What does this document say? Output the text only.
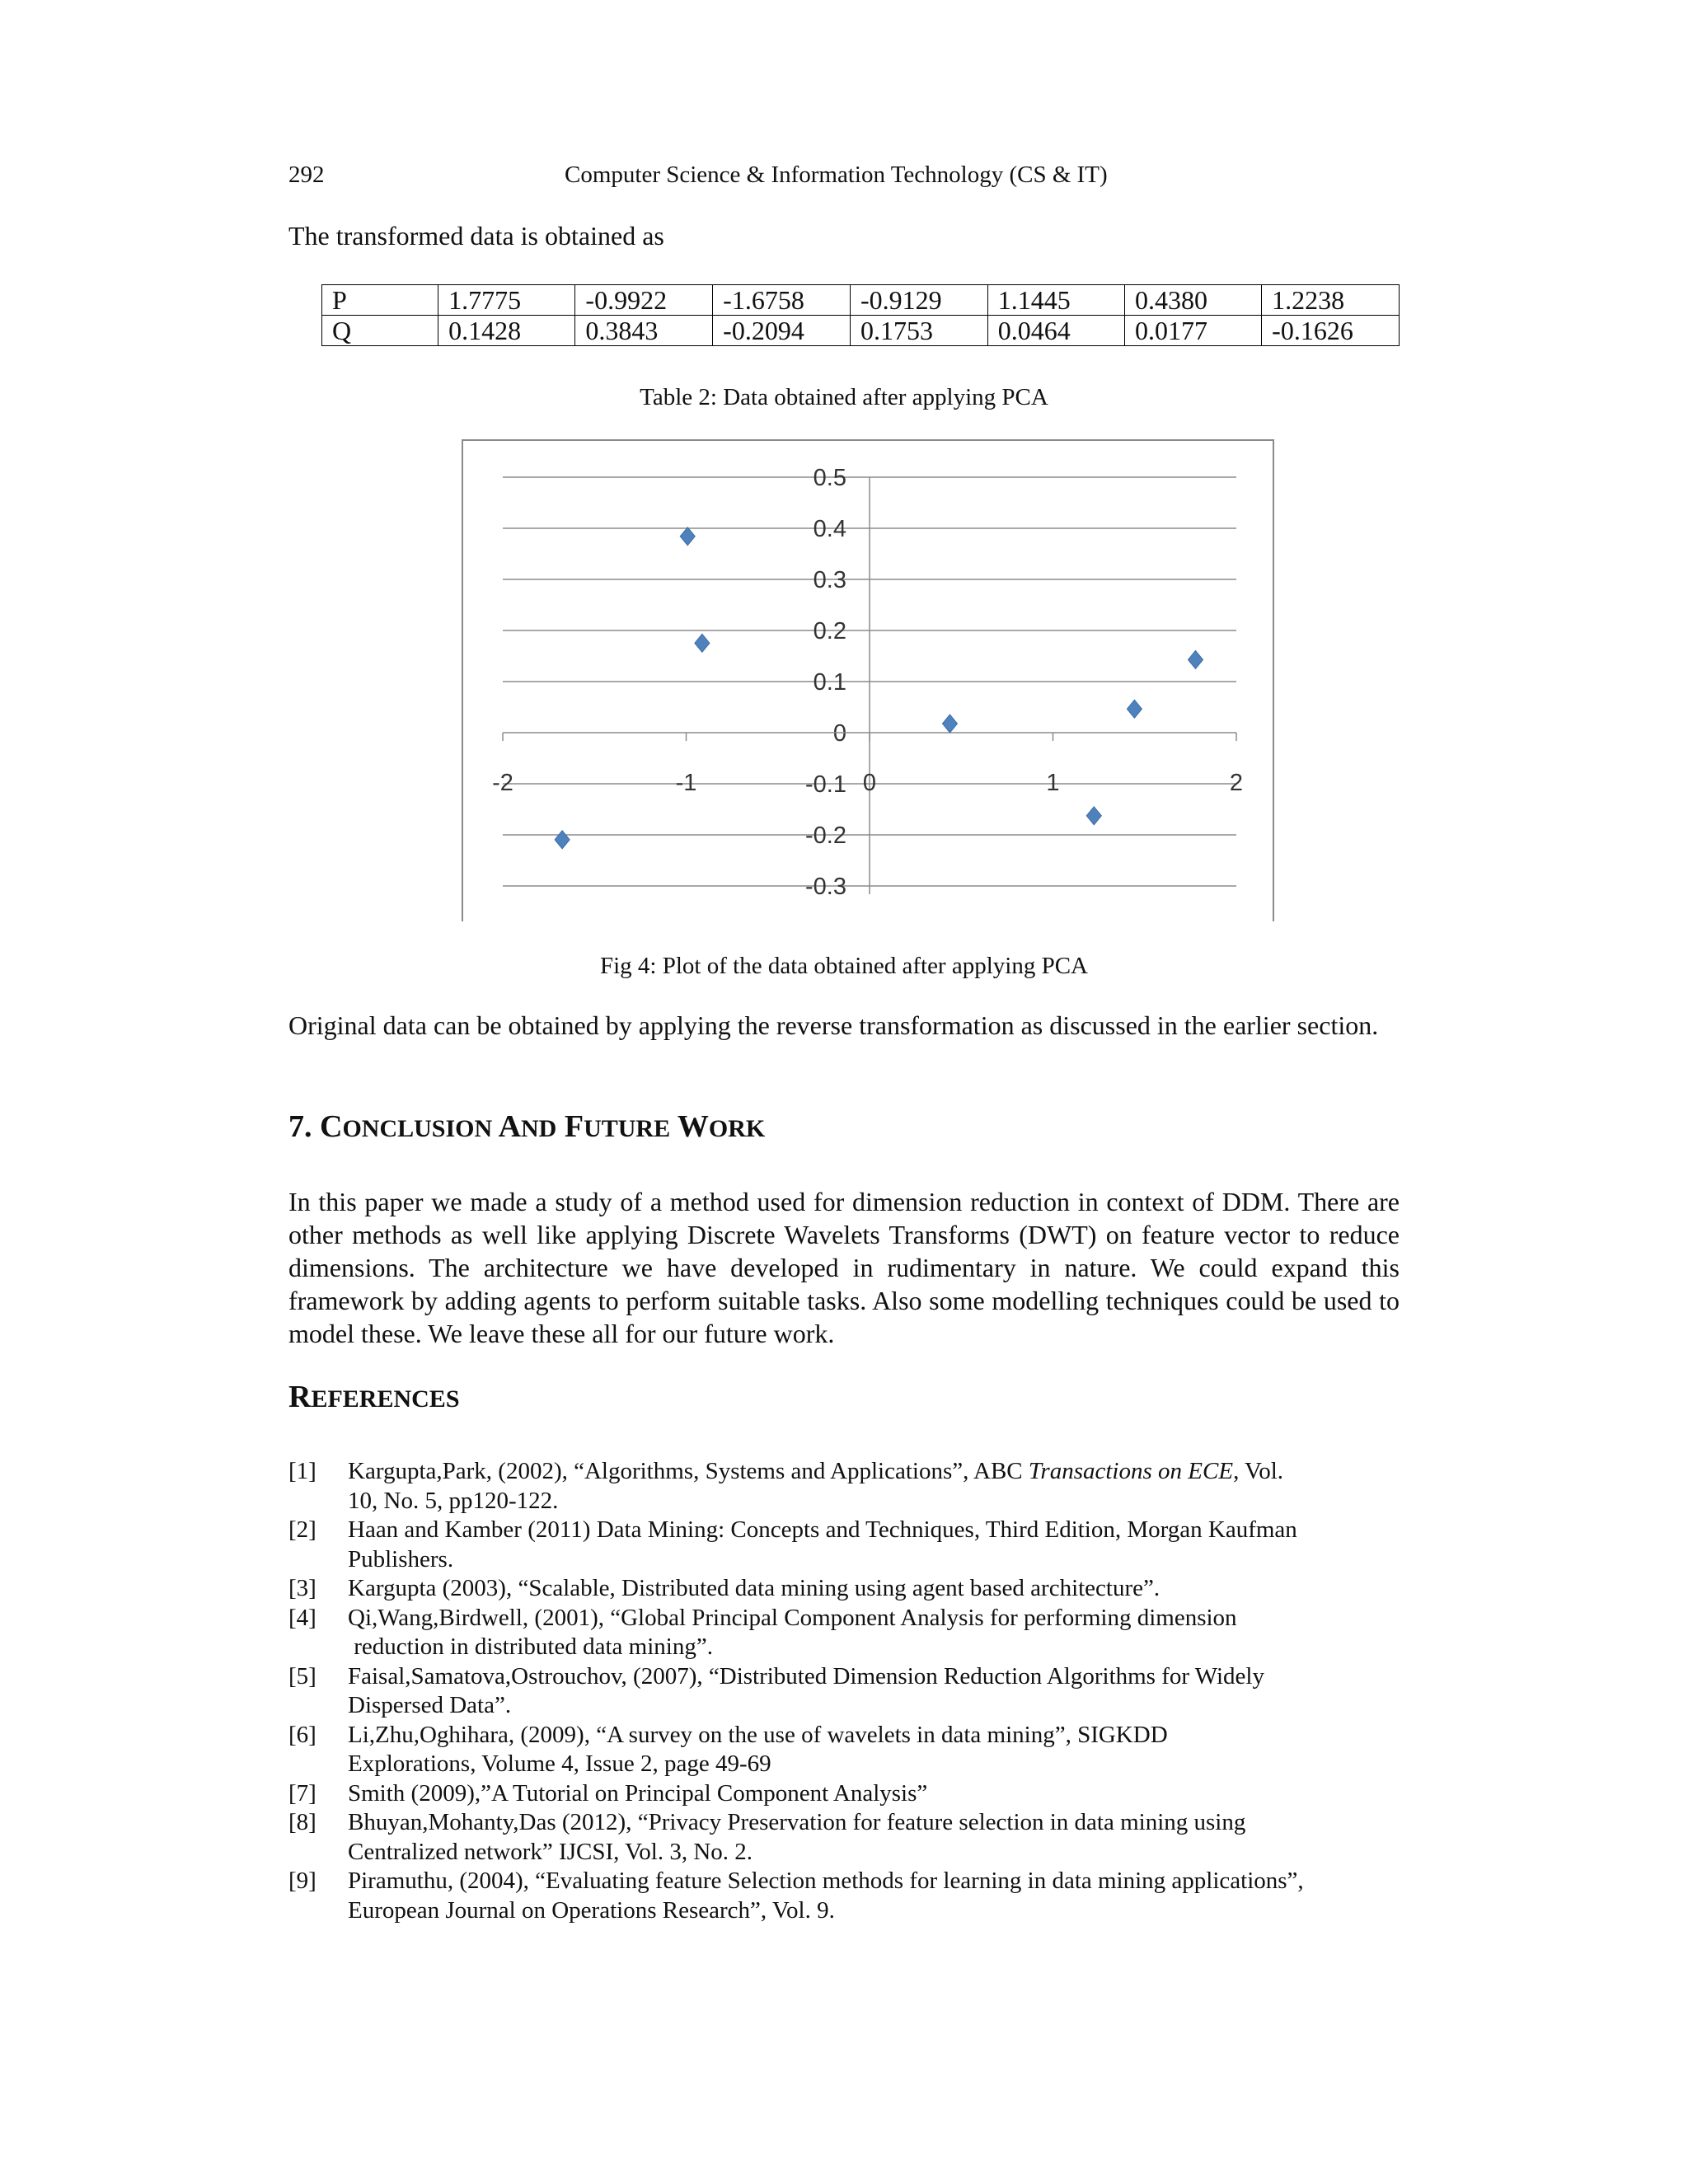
292	Computer Science & Information Technology (CS & IT)

The transformed data is obtained as

P	1.7775	-0.9922	-1.6758	-0.9129	1.1445	0.4380	1.2238
Q	0.1428	0.3843	-0.2094	0.1753	0.0464	0.0177	-0.1626
Table 2: Data obtained after applying PCA
0.5
0.4
0.3
0.2
0.1
0
-0.1
-0.2
-0.3
-2	-1	0	1	2
Fig 4: Plot of the data obtained after applying PCA

Original data can be obtained by applying the reverse transformation as discussed in the earlier section.

7. CONCLUSION AND FUTURE WORK

In this paper we made a study of a method used for dimension reduction in context of DDM. There are other methods as well like applying Discrete Wavelets Transforms (DWT) on feature vector to reduce dimensions. The architecture we have developed in rudimentary in nature. We could expand this framework by adding agents to perform suitable tasks. Also some modelling techniques could be used to model these. We leave these all for our future work.

REFERENCES
[1] Kargupta,Park, (2002), “Algorithms, Systems and Applications”, ABC Transactions on ECE, Vol.
10, No. 5, pp120-122.
[2] Haan and Kamber (2011) Data Mining: Concepts and Techniques, Third Edition, Morgan Kaufman
Publishers.
[3] Kargupta (2003), “Scalable, Distributed data mining using agent based architecture”.
[4] Qi,Wang,Birdwell, (2001), “Global Principal Component Analysis for performing dimension
reduction in distributed data mining”.
[5] Faisal,Samatova,Ostrouchov, (2007), “Distributed Dimension Reduction Algorithms for Widely
Dispersed Data”.
[6] Li,Zhu,Oghihara, (2009), “A survey on the use of wavelets in data mining”, SIGKDD
Explorations, Volume 4, Issue 2, page 49-69
[7] Smith (2009),”A Tutorial on Principal Component Analysis”
[8] Bhuyan,Mohanty,Das (2012), “Privacy Preservation for feature selection in data mining using
Centralized network” IJCSI, Vol. 3, No. 2.
[9] Piramuthu, (2004), “Evaluating feature Selection methods for learning in data mining applications”,
European Journal on Operations Research”, Vol. 9.
